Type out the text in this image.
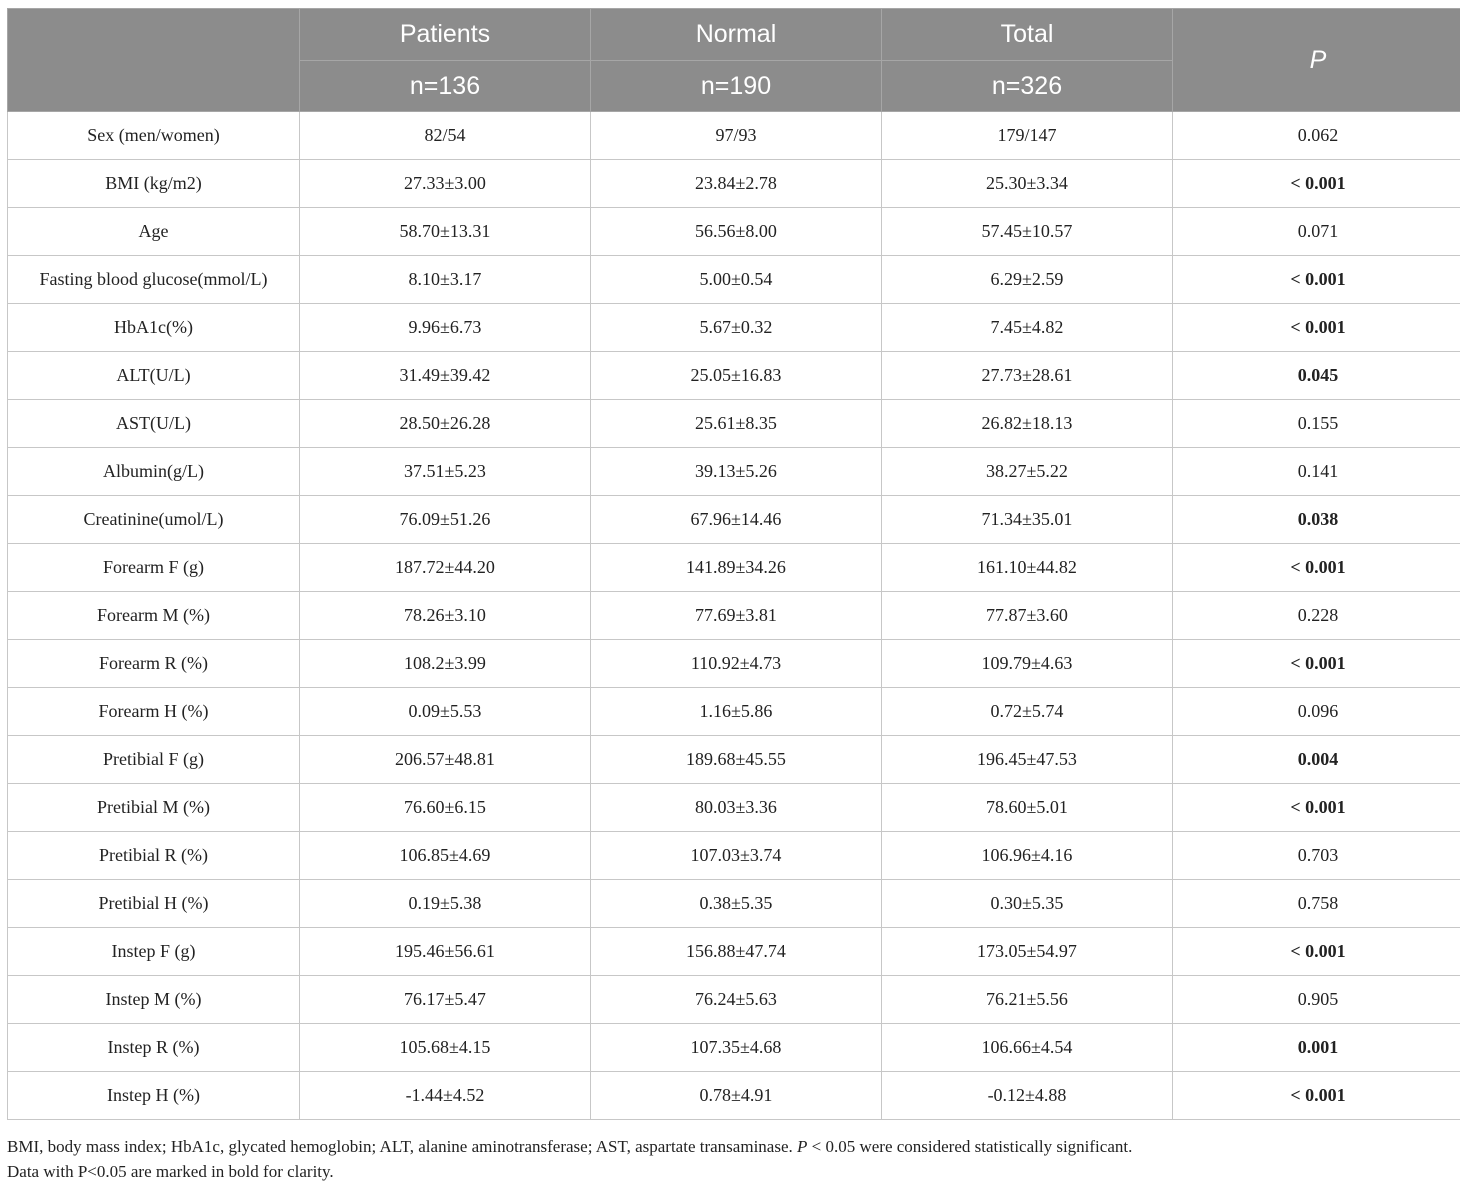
	Patients	Normal	Total	P
	n=136	n=190	n=326	
Sex (men/women)	82/54	97/93	179/147	0.062
BMI (kg/m2)	27.33±3.00	23.84±2.78	25.30±3.34	< 0.001
Age	58.70±13.31	56.56±8.00	57.45±10.57	0.071
Fasting blood glucose(mmol/L)	8.10±3.17	5.00±0.54	6.29±2.59	< 0.001
HbA1c(%)	9.96±6.73	5.67±0.32	7.45±4.82	< 0.001
ALT(U/L)	31.49±39.42	25.05±16.83	27.73±28.61	0.045
AST(U/L)	28.50±26.28	25.61±8.35	26.82±18.13	0.155
Albumin(g/L)	37.51±5.23	39.13±5.26	38.27±5.22	0.141
Creatinine(umol/L)	76.09±51.26	67.96±14.46	71.34±35.01	0.038
Forearm F (g)	187.72±44.20	141.89±34.26	161.10±44.82	< 0.001
Forearm M (%)	78.26±3.10	77.69±3.81	77.87±3.60	0.228
Forearm R (%)	108.2±3.99	110.92±4.73	109.79±4.63	< 0.001
Forearm H (%)	0.09±5.53	1.16±5.86	0.72±5.74	0.096
Pretibial F (g)	206.57±48.81	189.68±45.55	196.45±47.53	0.004
Pretibial M (%)	76.60±6.15	80.03±3.36	78.60±5.01	< 0.001
Pretibial R (%)	106.85±4.69	107.03±3.74	106.96±4.16	0.703
Pretibial H (%)	0.19±5.38	0.38±5.35	0.30±5.35	0.758
Instep F (g)	195.46±56.61	156.88±47.74	173.05±54.97	< 0.001
Instep M (%)	76.17±5.47	76.24±5.63	76.21±5.56	0.905
Instep R (%)	105.68±4.15	107.35±4.68	106.66±4.54	0.001
Instep H (%)	-1.44±4.52	0.78±4.91	-0.12±4.88	< 0.001
BMI, body mass index; HbA1c, glycated hemoglobin; ALT, alanine aminotransferase; AST, aspartate transaminase. P < 0.05 were considered statistically significant.
Data with P<0.05 are marked in bold for clarity.
